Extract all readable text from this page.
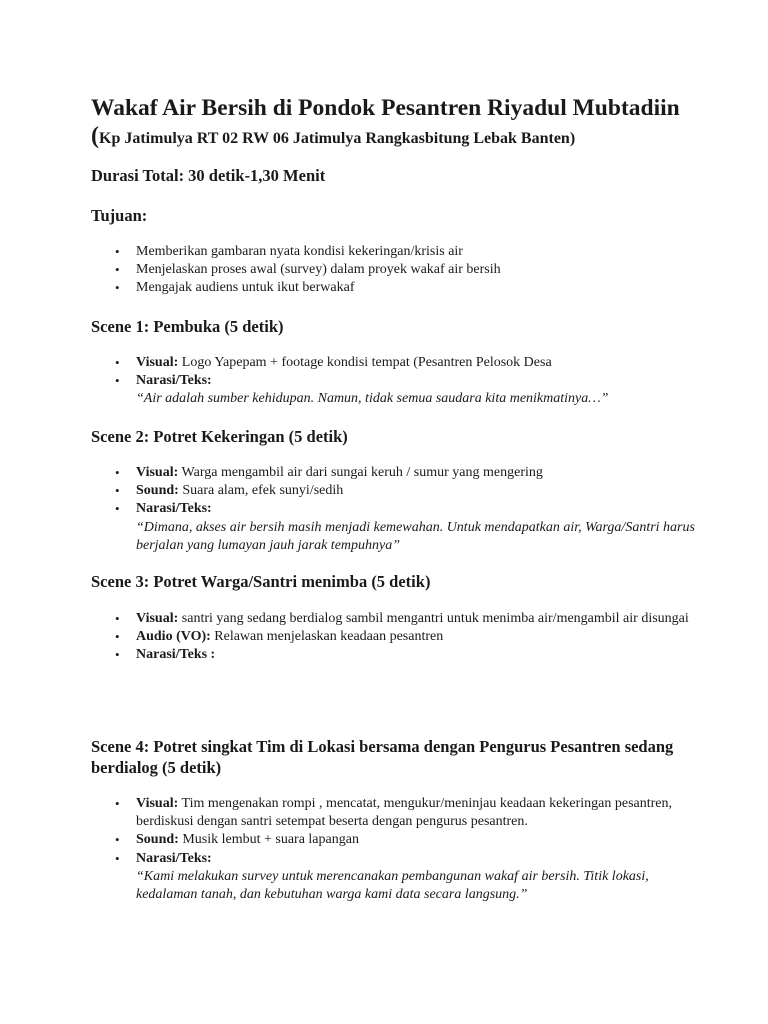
Wakaf Air Bersih di Pondok Pesantren Riyadul Mubtadiin
(Kp Jatimulya RT 02 RW 06 Jatimulya Rangkasbitung Lebak Banten)
Durasi Total: 30 detik-1,30 Menit
Tujuan:
• Memberikan gambaran nyata kondisi kekeringan/krisis air
• Menjelaskan proses awal (survey) dalam proyek wakaf air bersih
• Mengajak audiens untuk ikut berwakaf
Scene 1: Pembuka (5 detik)
• Visual: Logo Yapepam + footage kondisi tempat (Pesantren Pelosok Desa
• Narasi/Teks:
“Air adalah sumber kehidupan. Namun, tidak semua saudara kita menikmatinya…”
Scene 2: Potret Kekeringan (5 detik)
• Visual: Warga mengambil air dari sungai keruh / sumur yang mengering
• Sound: Suara alam, efek sunyi/sedih
• Narasi/Teks:
“Dimana, akses air bersih masih menjadi kemewahan. Untuk mendapatkan air, Warga/Santri harus berjalan yang lumayan jauh jarak tempuhnya”
Scene 3: Potret Warga/Santri menimba (5 detik)
• Visual: santri yang sedang berdialog sambil mengantri untuk menimba air/mengambil air disungai
• Audio (VO): Relawan menjelaskan keadaan pesantren
• Narasi/Teks :
Scene 4: Potret singkat Tim di Lokasi bersama dengan Pengurus Pesantren sedang berdialog (5 detik)
• Visual: Tim mengenakan rompi , mencatat, mengukur/meninjau keadaan kekeringan pesantren, berdiskusi dengan santri setempat beserta dengan pengurus pesantren.
• Sound: Musik lembut + suara lapangan
• Narasi/Teks:
“Kami melakukan survey untuk merencanakan pembangunan wakaf air bersih. Titik lokasi, kedalaman tanah, dan kebutuhan warga kami data secara langsung.”
